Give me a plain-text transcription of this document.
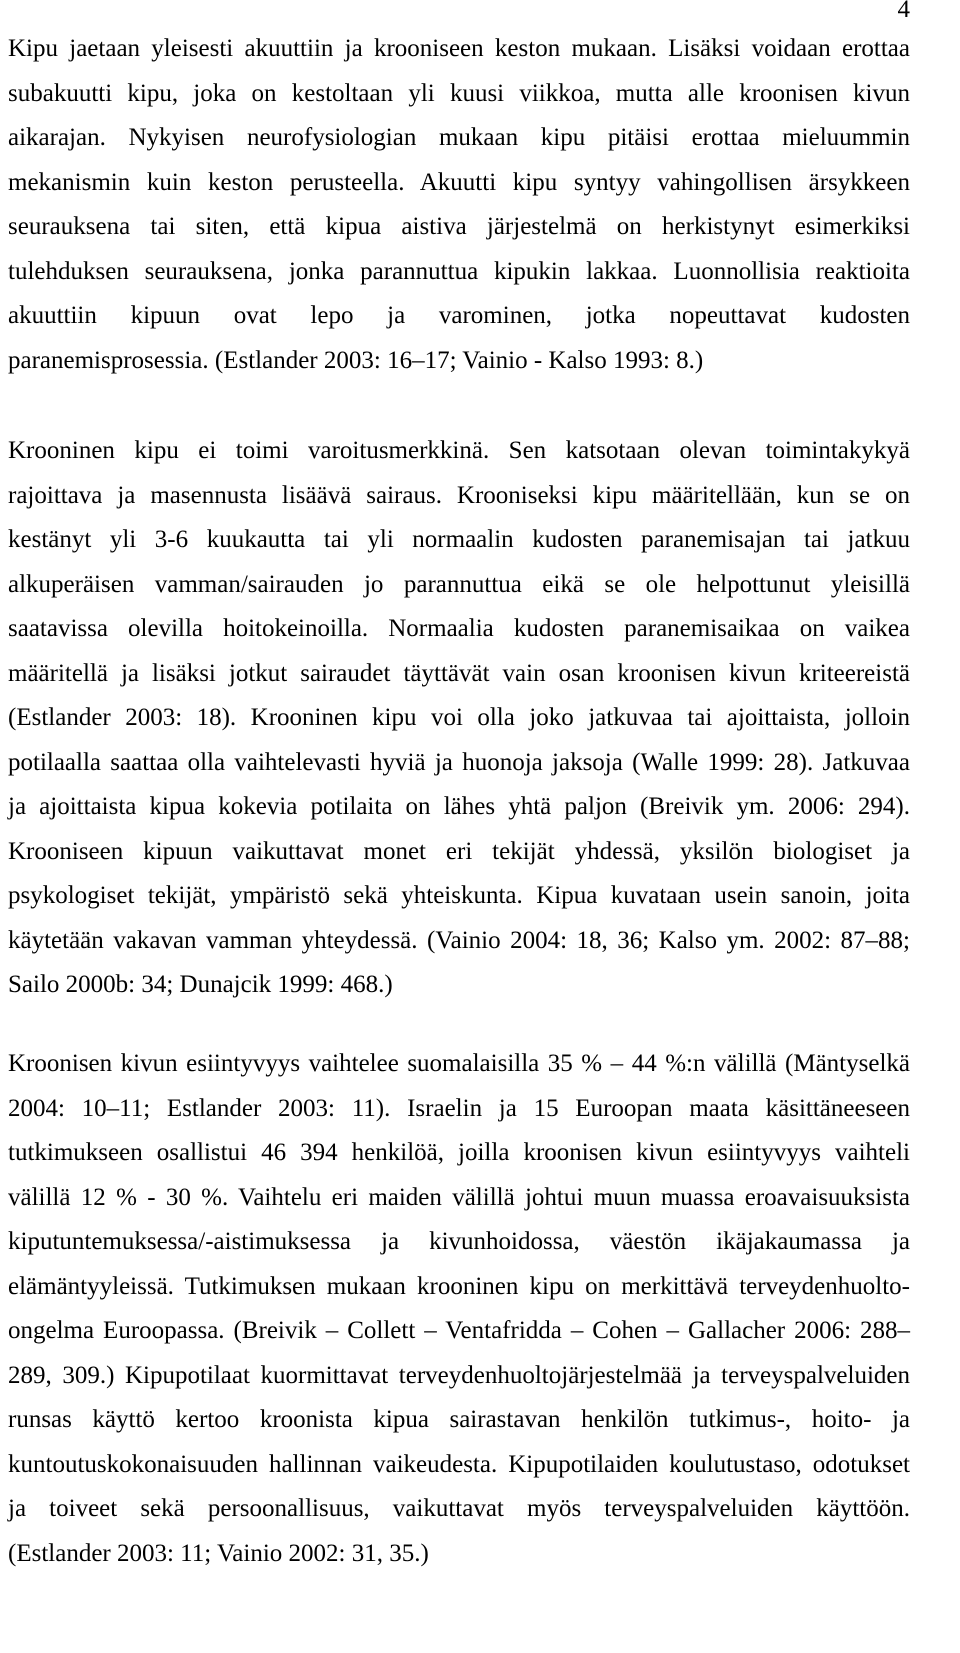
4
Kipu jaetaan yleisesti akuuttiin ja krooniseen keston mukaan. Lisäksi voidaan erottaa
subakuutti kipu, joka on kestoltaan yli kuusi viikkoa, mutta alle kroonisen kivun
aikarajan. Nykyisen neurofysiologian mukaan kipu pitäisi erottaa mieluummin
mekanismin kuin keston perusteella. Akuutti kipu syntyy vahingollisen ärsykkeen
seurauksena tai siten, että kipua aistiva järjestelmä on herkistynyt esimerkiksi
tulehduksen seurauksena, jonka parannuttua kipukin lakkaa. Luonnollisia reaktioita
akuuttiin kipuun ovat lepo ja varominen, jotka nopeuttavat kudosten
paranemisprosessia. (Estlander 2003: 16–17; Vainio - Kalso 1993: 8.)
Krooninen kipu ei toimi varoitusmerkkinä. Sen katsotaan olevan toimintakykyä
rajoittava ja masennusta lisäävä sairaus. Krooniseksi kipu määritellään, kun se on
kestänyt yli 3-6 kuukautta tai yli normaalin kudosten paranemisajan tai jatkuu
alkuperäisen vamman/sairauden jo parannuttua eikä se ole helpottunut yleisillä
saatavissa olevilla hoitokeinoilla. Normaalia kudosten paranemisaikaa on vaikea
määritellä ja lisäksi jotkut sairaudet täyttävät vain osan kroonisen kivun kriteereistä
(Estlander 2003: 18). Krooninen kipu voi olla joko jatkuvaa tai ajoittaista, jolloin
potilaalla saattaa olla vaihtelevasti hyviä ja huonoja jaksoja (Walle 1999: 28). Jatkuvaa
ja ajoittaista kipua kokevia potilaita on lähes yhtä paljon (Breivik ym. 2006: 294).
Krooniseen kipuun vaikuttavat monet eri tekijät yhdessä, yksilön biologiset ja
psykologiset tekijät, ympäristö sekä yhteiskunta. Kipua kuvataan usein sanoin, joita
käytetään vakavan vamman yhteydessä. (Vainio 2004: 18, 36; Kalso ym. 2002: 87–88;
Sailo 2000b: 34; Dunajcik 1999: 468.)
Kroonisen kivun esiintyvyys vaihtelee suomalaisilla 35 % – 44 %:n välillä (Mäntyselkä
2004: 10–11; Estlander 2003: 11). Israelin ja 15 Euroopan maata käsittäneeseen
tutkimukseen osallistui 46 394 henkilöä, joilla kroonisen kivun esiintyvyys vaihteli
välillä 12 % - 30 %. Vaihtelu eri maiden välillä johtui muun muassa eroavaisuuksista
kiputuntemuksessa/-aistimuksessa ja kivunhoidossa, väestön ikäjakaumassa ja
elämäntyyleissä. Tutkimuksen mukaan krooninen kipu on merkittävä terveydenhuolto-
ongelma Euroopassa. (Breivik – Collett – Ventafridda – Cohen – Gallacher 2006: 288–
289, 309.) Kipupotilaat kuormittavat terveydenhuoltojärjestelmää ja terveyspalveluiden
runsas käyttö kertoo kroonista kipua sairastavan henkilön tutkimus-, hoito- ja
kuntoutuskokonaisuuden hallinnan vaikeudesta. Kipupotilaiden koulutustaso, odotukset
ja toiveet sekä persoonallisuus, vaikuttavat myös terveyspalveluiden käyttöön.
(Estlander 2003: 11; Vainio 2002: 31, 35.)
